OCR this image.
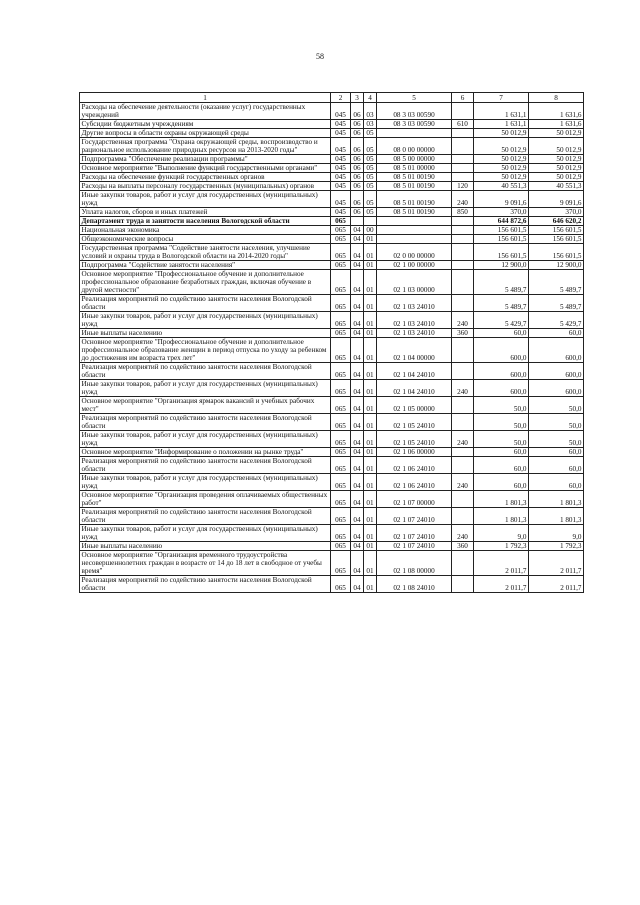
58
1	2	3	4	5	6	7	8
Расходы на обеспечение деятельности (оказание услуг) государственных учреждений	045	06	03	08 3 03 00590		1 631,1	1 631,6
Субсидии бюджетным учреждениям	045	06	03	08 3 03 00590	610	1 631,1	1 631,6
Другие вопросы в области охраны окружающей среды	045	06	05			50 012,9	50 012,9
Государственная программа "Охрана окружающей среды, воспроизводство и рациональное использование природных ресурсов на 2013-2020 годы"	045	06	05	08 0 00 00000		50 012,9	50 012,9
Подпрограмма "Обеспечение реализации программы"	045	06	05	08 5 00 00000		50 012,9	50 012,9
Основное мероприятие "Выполнение функций государственными органами"	045	06	05	08 5 01 00000		50 012,9	50 012,9
Расходы на обеспечение функций государственных органов	045	06	05	08 5 01 00190		50 012,9	50 012,9
Расходы на выплаты персоналу государственных (муниципальных) органов	045	06	05	08 5 01 00190	120	40 551,3	40 551,3
Иные закупки товаров, работ и услуг для государственных (муниципальных) нужд	045	06	05	08 5 01 00190	240	9 091,6	9 091,6
Уплата налогов, сборов и иных платежей	045	06	05	08 5 01 00190	850	370,0	370,0
Департамент труда и занятости населения Вологодской области	065					644 872,6	646 620,2
Национальная экономика	065	04	00			156 601,5	156 601,5
Общеэкономические вопросы	065	04	01			156 601,5	156 601,5
Государственная программа "Содействие занятости населения, улучшение условий и охраны труда в Вологодской области на 2014-2020 годы"	065	04	01	02 0 00 00000		156 601,5	156 601,5
Подпрограмма "Содействие занятости населения"	065	04	01	02 1 00 00000		12 900,0	12 900,0
Основное мероприятие "Профессиональное обучение и дополнительное профессиональное образование безработных граждан, включая обучение в другой местности"	065	04	01	02 1 03 00000		5 489,7	5 489,7
Реализация мероприятий по содействию занятости населения Вологодской области	065	04	01	02 1 03 24010		5 489,7	5 489,7
Иные закупки товаров, работ и услуг для государственных (муниципальных) нужд	065	04	01	02 1 03 24010	240	5 429,7	5 429,7
Иные выплаты населению	065	04	01	02 1 03 24010	360	60,0	60,0
Основное мероприятие "Профессиональное обучение и дополнительное профессиональное образование женщин в период отпуска по уходу за ребенком до достижения им возраста трех лет"	065	04	01	02 1 04 00000		600,0	600,0
Реализация мероприятий по содействию занятости населения Вологодской области	065	04	01	02 1 04 24010		600,0	600,0
Иные закупки товаров, работ и услуг для государственных (муниципальных) нужд	065	04	01	02 1 04 24010	240	600,0	600,0
Основное мероприятие "Организация ярмарок вакансий и учебных рабочих мест"	065	04	01	02 1 05 00000		50,0	50,0
Реализация мероприятий по содействию занятости населения Вологодской области	065	04	01	02 1 05 24010		50,0	50,0
Иные закупки товаров, работ и услуг для государственных (муниципальных) нужд	065	04	01	02 1 05 24010	240	50,0	50,0
Основное мероприятие "Информирование о положении на рынке труда"	065	04	01	02 1 06 00000		60,0	60,0
Реализация мероприятий по содействию занятости населения Вологодской области	065	04	01	02 1 06 24010		60,0	60,0
Иные закупки товаров, работ и услуг для государственных (муниципальных) нужд	065	04	01	02 1 06 24010	240	60,0	60,0
Основное мероприятие "Организация проведения оплачиваемых общественных работ"	065	04	01	02 1 07 00000		1 801,3	1 801,3
Реализация мероприятий по содействию занятости населения Вологодской области	065	04	01	02 1 07 24010		1 801,3	1 801,3
Иные закупки товаров, работ и услуг для государственных (муниципальных) нужд	065	04	01	02 1 07 24010	240	9,0	9,0
Иные выплаты населению	065	04	01	02 1 07 24010	360	1 792,3	1 792,3
Основное мероприятие "Организация временного трудоустройства несовершеннолетних граждан в возрасте от 14 до 18 лет в свободное от учебы время"	065	04	01	02 1 08 00000		2 011,7	2 011,7
Реализация мероприятий по содействию занятости населения Вологодской области	065	04	01	02 1 08 24010		2 011,7	2 011,7
